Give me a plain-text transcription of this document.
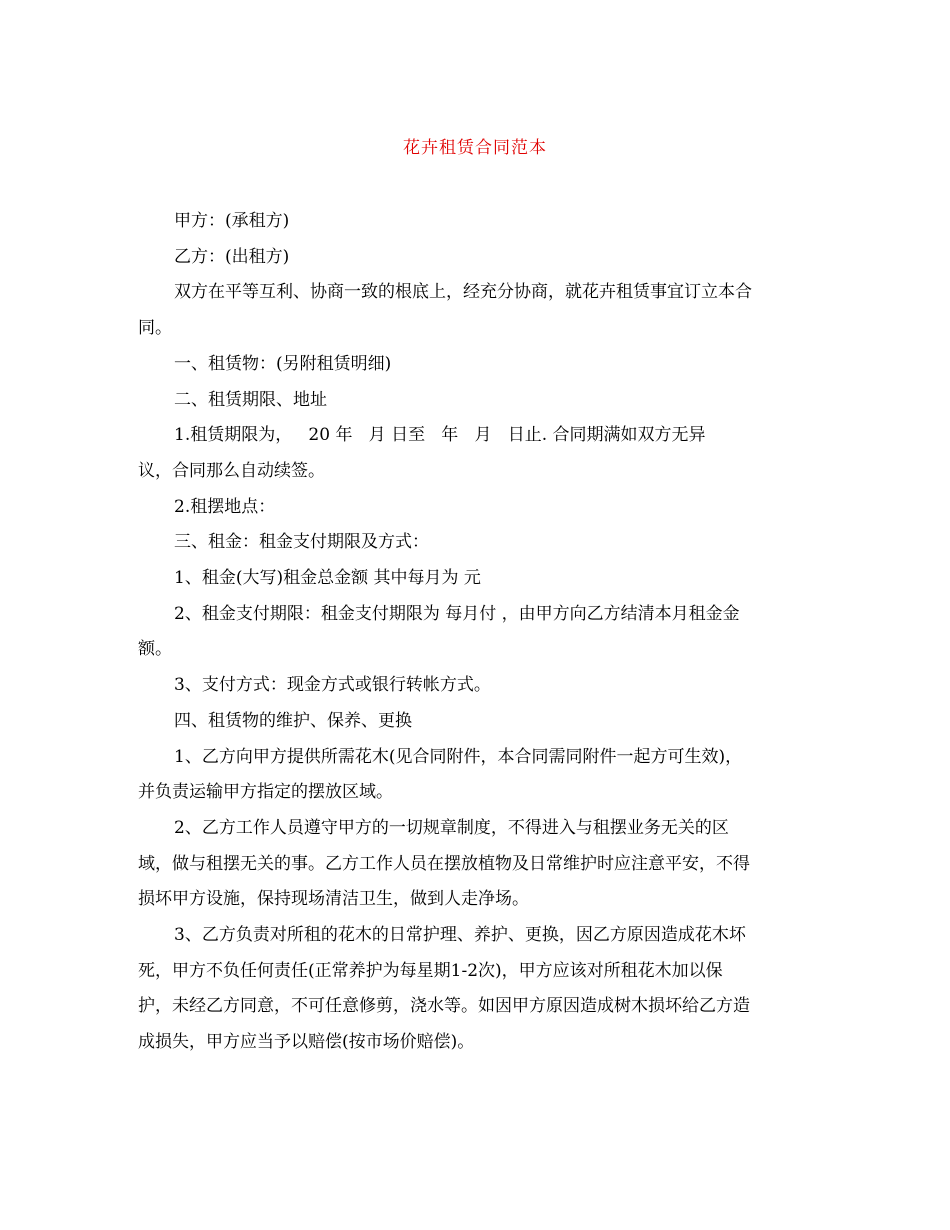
花卉租赁合同范本

甲方：(承租方)

乙方：(出租方)

双方在平等互利、协商一致的根底上，经充分协商，就花卉租赁事宜订立本合
同。

一、租赁物：(另附租赁明细)

二、租赁期限、地址

1.租赁期限为，   20 年   月 日至   年   月   日止. 合同期满如双方无异
议，合同那么自动续签。

2.租摆地点：

三、租金：租金支付期限及方式：

1、租金(大写)租金总金额 其中每月为 元

2、租金支付期限：租金支付期限为 每月付 ，由甲方向乙方结清本月租金金
额。

3、支付方式：现金方式或银行转帐方式。

四、租赁物的维护、保养、更换

1、乙方向甲方提供所需花木(见合同附件，本合同需同附件一起方可生效)，
并负责运输甲方指定的摆放区域。

2、乙方工作人员遵守甲方的一切规章制度，不得进入与租摆业务无关的区
域，做与租摆无关的事。乙方工作人员在摆放植物及日常维护时应注意平安，不得
损坏甲方设施，保持现场清洁卫生，做到人走净场。

3、乙方负责对所租的花木的日常护理、养护、更换，因乙方原因造成花木坏
死，甲方不负任何责任(正常养护为每星期1-2次)，甲方应该对所租花木加以保
护，未经乙方同意，不可任意修剪，浇水等。如因甲方原因造成树木损坏给乙方造
成损失，甲方应当予以赔偿(按市场价赔偿)。
